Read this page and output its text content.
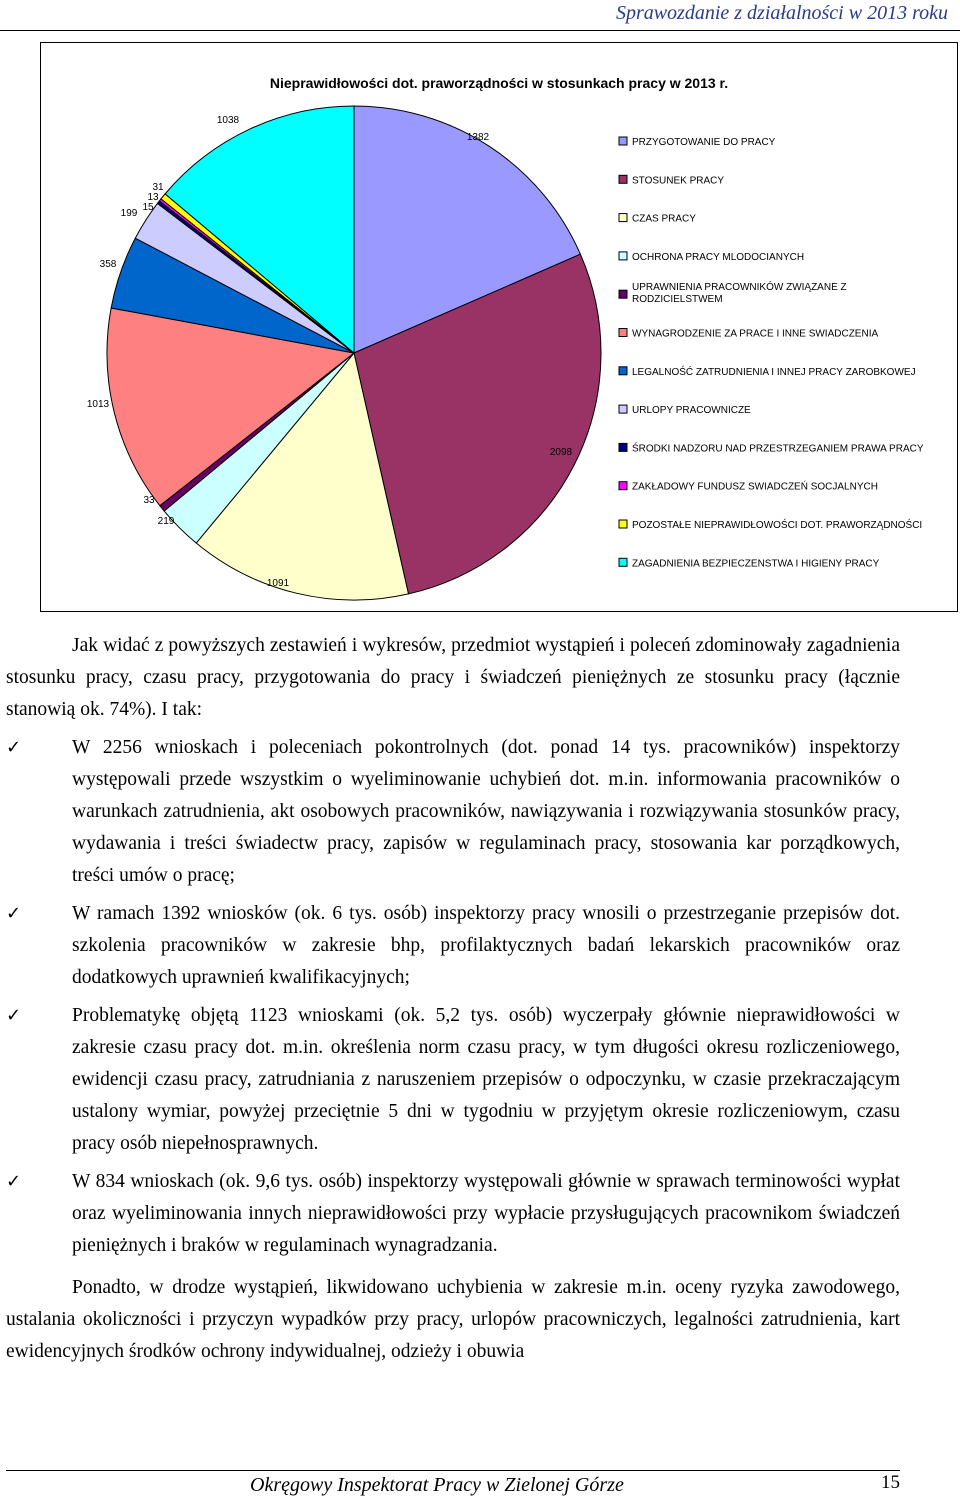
Sprawozdanie z działalności w 2013 roku
Nieprawidłowości dot. praworządności w stosunkach pracy w 2013 r.
1382
2098
1091
219
33
1013
358
199
15
13
31
1038
PRZYGOTOWANIE DO PRACY
STOSUNEK PRACY
CZAS PRACY
OCHRONA PRACY MLODOCIANYCH
UPRAWNIENIA PRACOWNIKÓW ZWIĄZANE Z
RODZICIELSTWEM
WYNAGRODZENIE ZA PRACE I INNE SWIADCZENIA
LEGALNOŚĆ ZATRUDNIENIA I INNEJ PRACY ZAROBKOWEJ
URLOPY PRACOWNICZE
ŚRODKI NADZORU NAD PRZESTRZEGANIEM PRAWA PRACY
ZAKŁADOWY FUNDUSZ SWIADCZEŃ SOCJALNYCH
POZOSTAŁE NIEPRAWIDŁOWOŚCI DOT. PRAWORZĄDNOŚCI
ZAGADNIENIA BEZPIECZENSTWA I HIGIENY PRACY

Jak widać z powyższych zestawień i wykresów, przedmiot wystąpień i poleceń zdominowały zagadnienia stosunku pracy, czasu pracy, przygotowania do pracy i świadczeń pieniężnych ze stosunku pracy (łącznie stanowią ok. 74%). I tak:

✓	W 2256 wnioskach i poleceniach pokontrolnych (dot. ponad 14 tys. pracowników) inspektorzy występowali przede wszystkim o wyeliminowanie uchybień dot. m.in. informowania pracowników o warunkach zatrudnienia, akt osobowych pracowników, nawiązywania i rozwiązywania stosunków pracy, wydawania i treści świadectw pracy, zapisów w regulaminach pracy, stosowania kar porządkowych, treści umów o pracę;

✓	W ramach 1392 wniosków (ok. 6 tys. osób) inspektorzy pracy wnosili o przestrzeganie przepisów dot. szkolenia pracowników w zakresie bhp, profilaktycznych badań lekarskich pracowników oraz dodatkowych uprawnień kwalifikacyjnych;

✓	Problematykę objętą 1123 wnioskami (ok. 5,2 tys. osób) wyczerpały głównie nieprawidłowości w zakresie czasu pracy dot. m.in. określenia norm czasu pracy, w tym długości okresu rozliczeniowego, ewidencji czasu pracy, zatrudniania z naruszeniem przepisów o odpoczynku, w czasie przekraczającym ustalony wymiar, powyżej przeciętnie 5 dni w tygodniu w przyjętym okresie rozliczeniowym, czasu pracy osób niepełnosprawnych.

✓	W 834 wnioskach (ok. 9,6 tys. osób) inspektorzy występowali głównie w sprawach terminowości wypłat oraz wyeliminowania innych nieprawidłowości przy wypłacie przysługujących pracownikom świadczeń pieniężnych i braków w regulaminach wynagradzania.

Ponadto, w drodze wystąpień, likwidowano uchybienia w zakresie m.in. oceny ryzyka zawodowego, ustalania okoliczności i przyczyn wypadków przy pracy, urlopów pracowniczych, legalności zatrudnienia, kart ewidencyjnych środków ochrony indywidualnej, odzieży i obuwia

Okręgowy Inspektorat Pracy w Zielonej Górze	15
